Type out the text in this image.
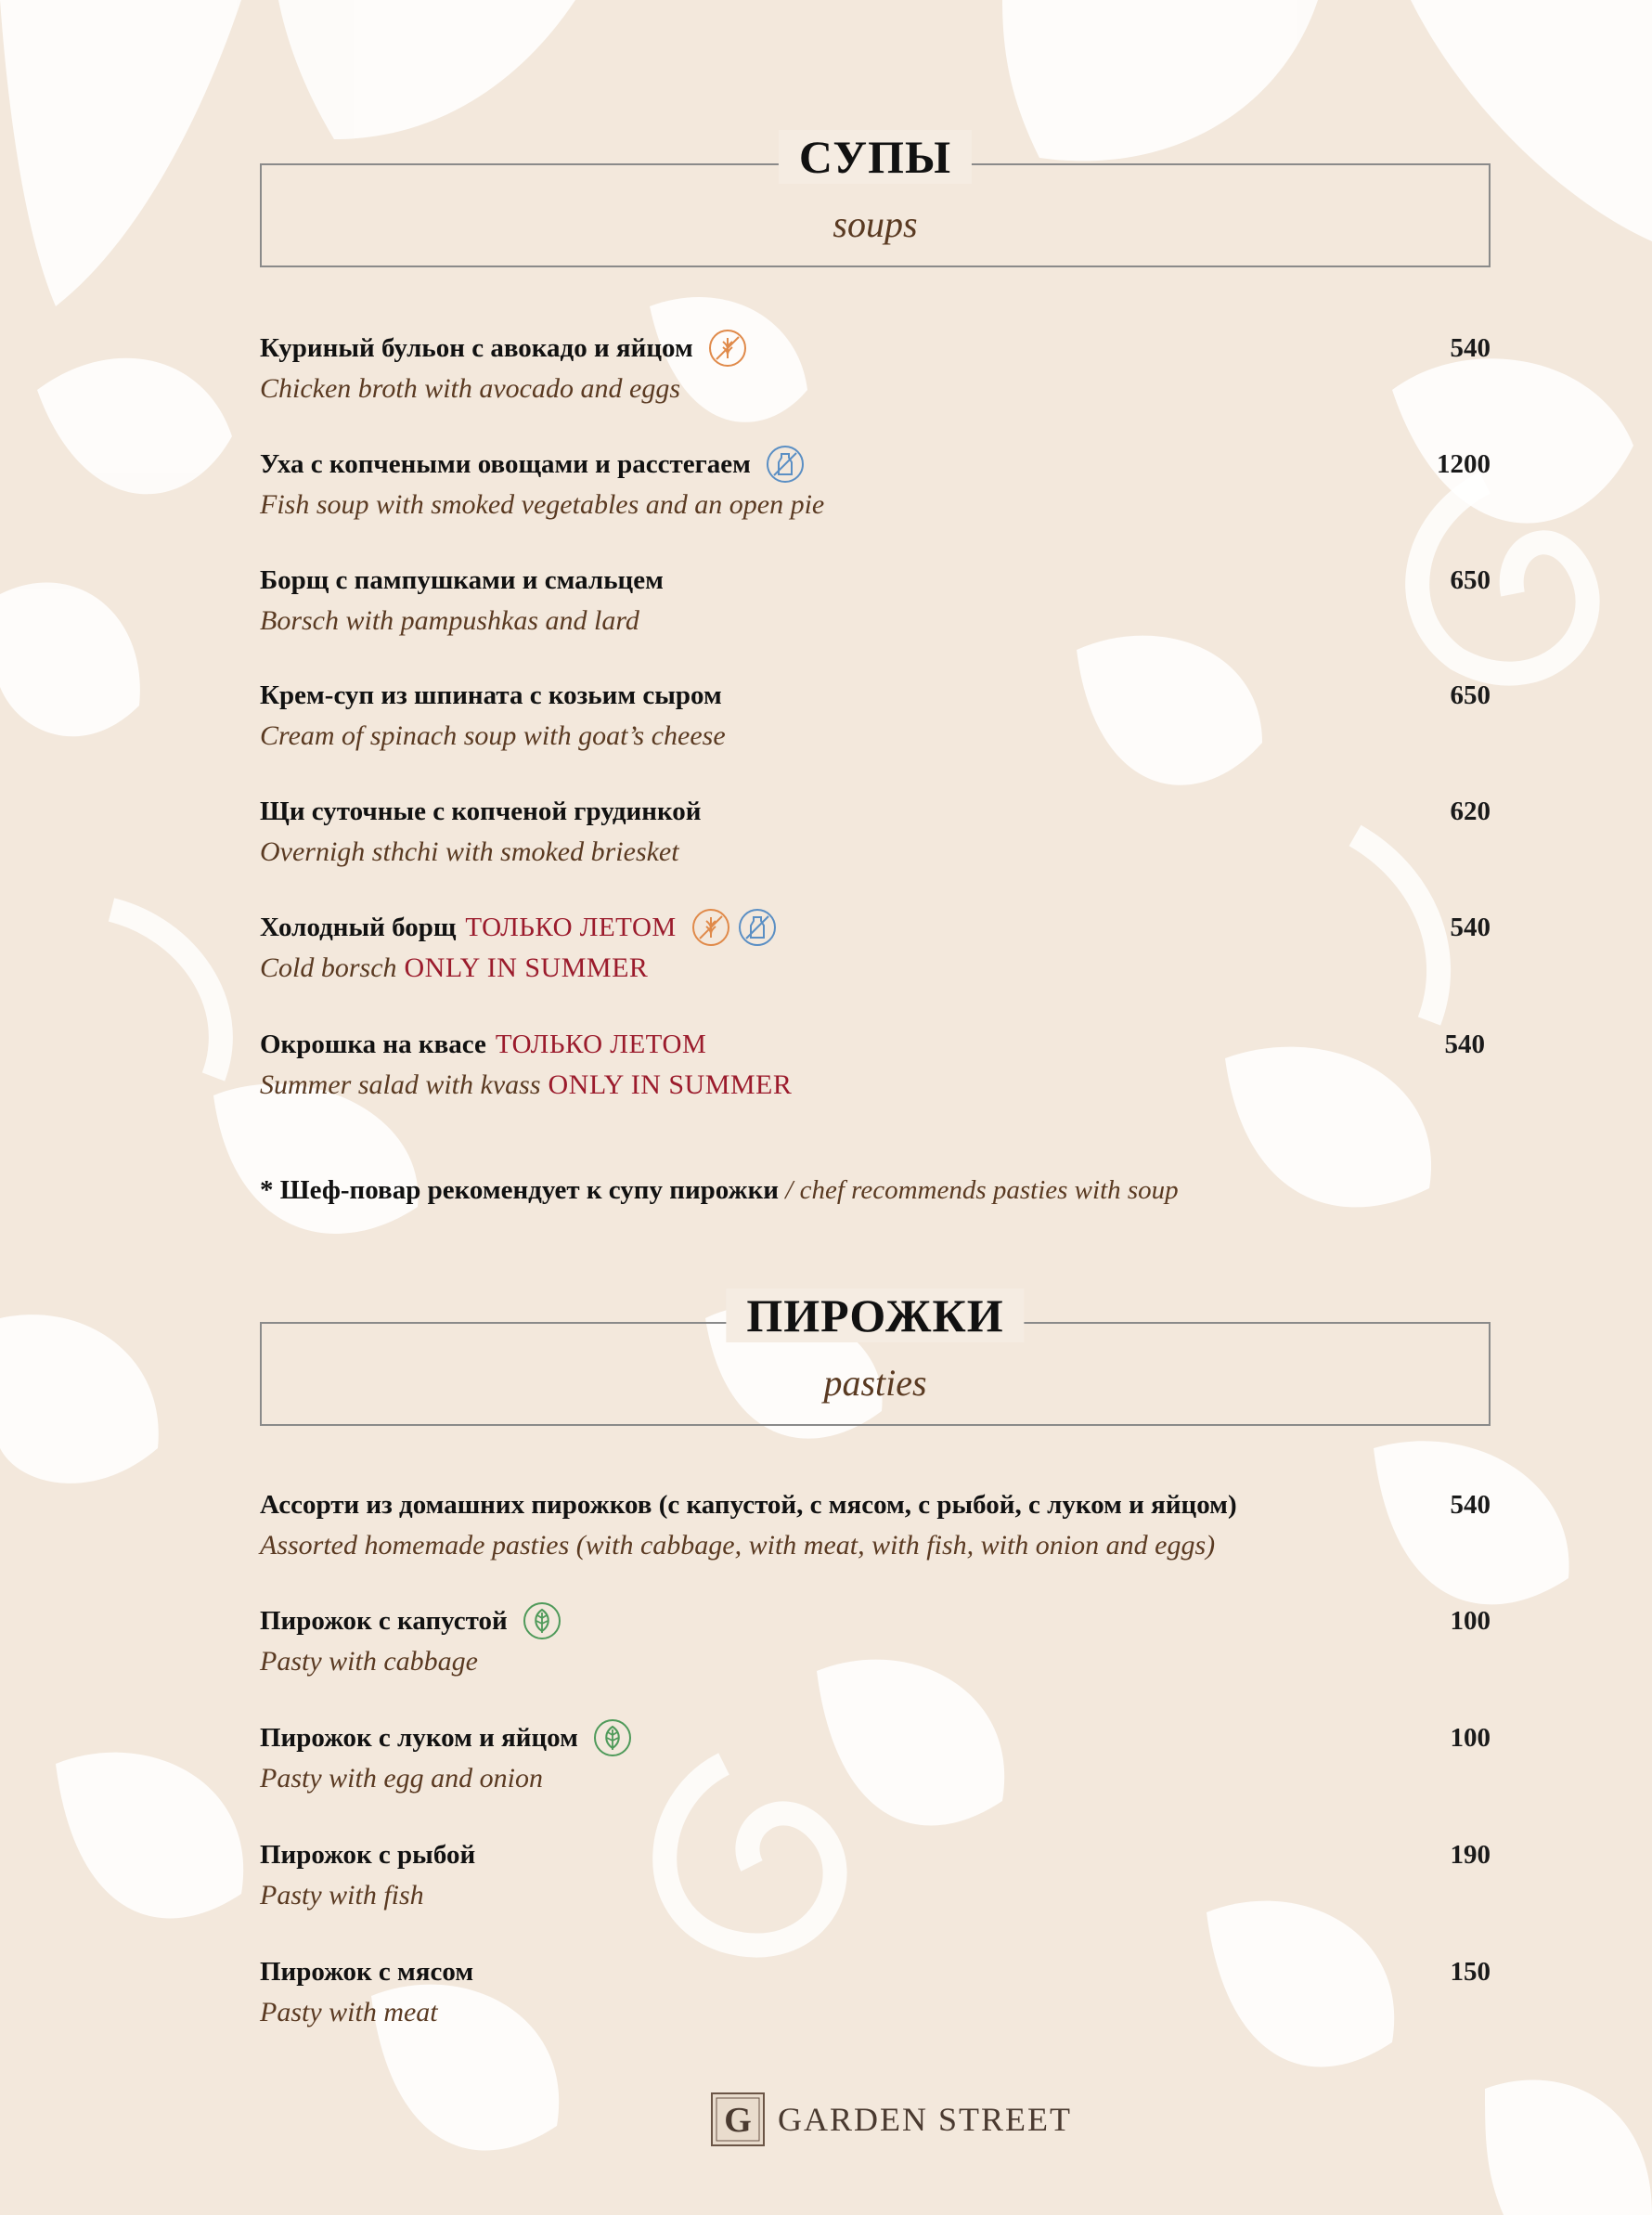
СУПЫ
soups
Куриный бульон с авокадо и яйцом	540
Chicken broth with avocado and eggs
Уха с копчеными овощами и расстегаем	1200
Fish soup with smoked vegetables and an open pie
Борщ с пампушками и смальцем	650
Borsch with pampushkas and lard
Крем-суп из шпината с козьим сыром	650
Cream of spinach soup with goat’s cheese
Щи суточные с копченой грудинкой	620
Overnigh sthchi with smoked briesket
Холодный борщ ТОЛЬКО ЛЕТОМ	540
Cold borsch ONLY IN SUMMER
Окрошка на квасе ТОЛЬКО ЛЕТОМ	540
Summer salad with kvass ONLY IN SUMMER
* Шеф-повар рекомендует к супу пирожки / chef recommends pasties with soup
ПИРОЖКИ
pasties
Ассорти из домашних пирожков (с капустой, с мясом, с рыбой, с луком и яйцом)	540
Assorted homemade pasties (with cabbage, with meat, with fish, with onion and eggs)
Пирожок с капустой	100
Pasty with cabbage
Пирожок с луком и яйцом	100
Pasty with egg and onion
Пирожок с рыбой	190
Pasty with fish
Пирожок с мясом	150
Pasty with meat
G GARDEN STREET
